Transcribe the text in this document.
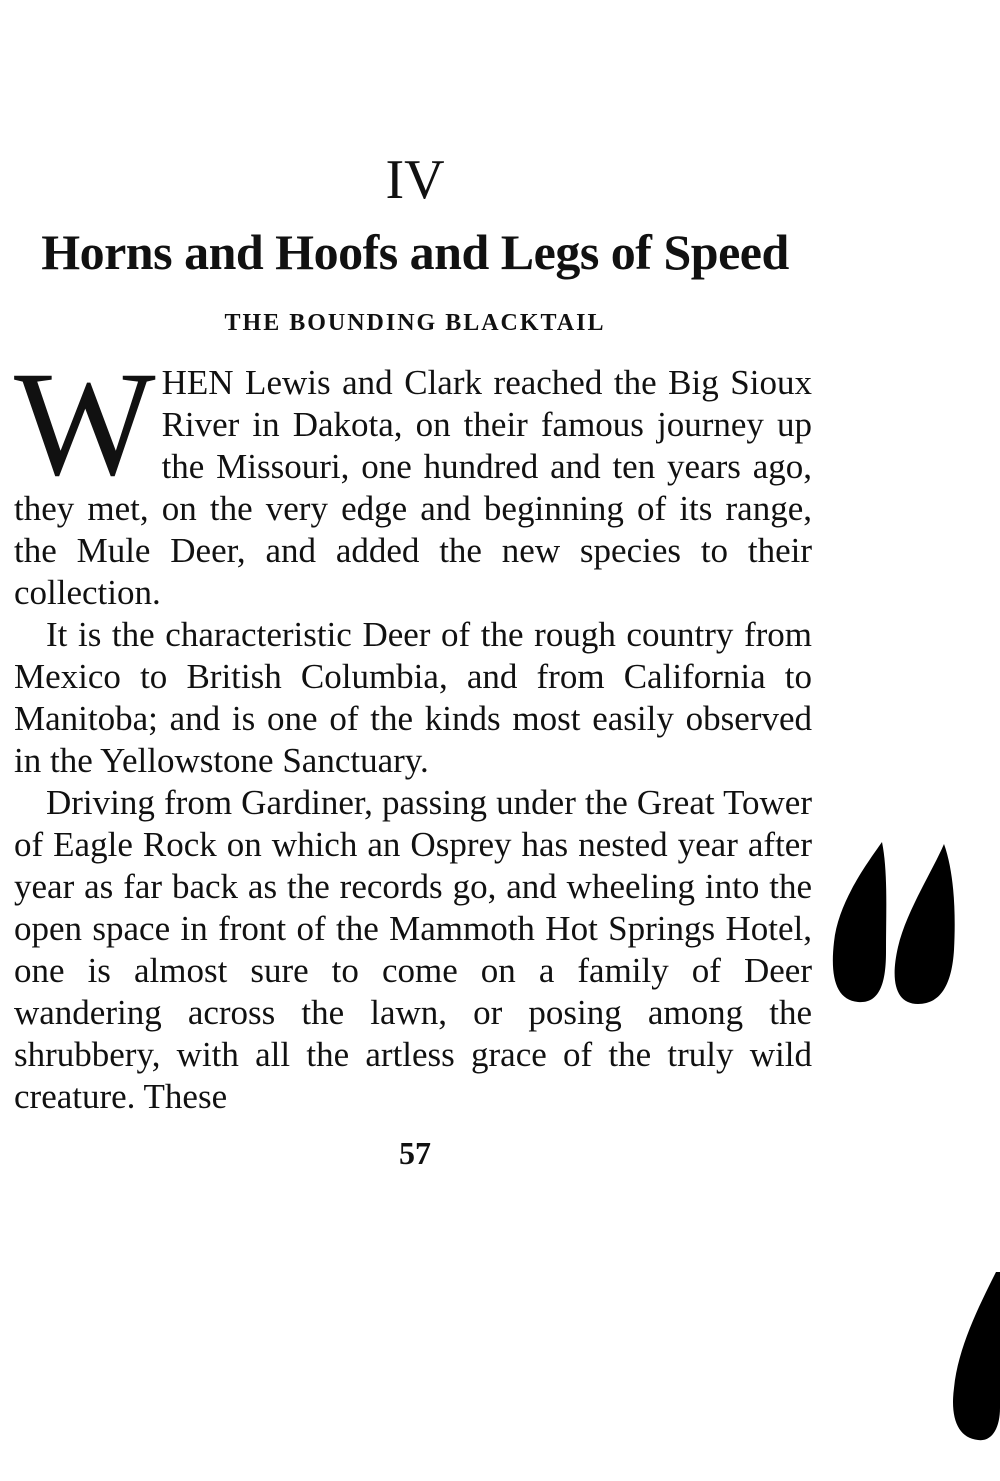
IV
Horns and Hoofs and Legs of Speed
THE BOUNDING BLACKTAIL

WHEN Lewis and Clark reached the Big Sioux River in Dakota, on their famous journey up the Missouri, one hundred and ten years ago, they met, on the very edge and beginning of its range, the Mule Deer, and added the new species to their collection.

It is the characteristic Deer of the rough country from Mexico to British Columbia, and from California to Manitoba; and is one of the kinds most easily observed in the Yellowstone Sanctuary.

Driving from Gardiner, passing under the Great Tower of Eagle Rock on which an Osprey has nested year after year as far back as the records go, and wheeling into the open space in front of the Mammoth Hot Springs Hotel, one is almost sure to come on a family of Deer wandering across the lawn, or posing among the shrubbery, with all the artless grace of the truly wild creature. These

57
